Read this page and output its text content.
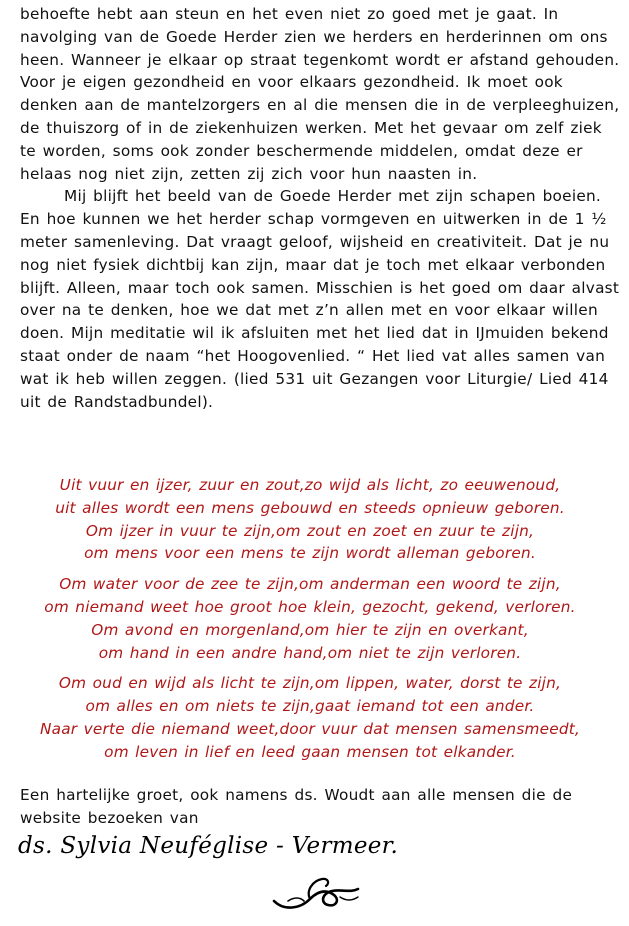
behoefte hebt aan steun en het even niet zo goed met je gaat. In navolging van de Goede Herder zien we herders en herderinnen om ons heen. Wanneer je elkaar op straat tegenkomt wordt er afstand gehouden. Voor je eigen gezondheid en voor elkaars gezondheid. Ik moet ook denken aan de mantelzorgers en al die mensen die in de verpleeghuizen, de thuiszorg of in de ziekenhuizen werken. Met het gevaar om zelf ziek te worden, soms ook zonder beschermende middelen, omdat deze er helaas nog niet zijn, zetten zij zich voor hun naasten in.

Mij blijft het beeld van de Goede Herder met zijn schapen boeien. En hoe kunnen we het herder schap vormgeven en uitwerken in de 1 ½ meter samenleving. Dat vraagt geloof, wijsheid en creativiteit. Dat je nu nog niet fysiek dichtbij kan zijn, maar dat je toch met elkaar verbonden blijft. Alleen, maar toch ook samen. Misschien is het goed om daar alvast over na te denken, hoe we dat met z’n allen met en voor elkaar willen doen. Mijn meditatie wil ik afsluiten met het lied dat in IJmuiden bekend staat onder de naam “het Hoogovenlied. “ Het lied vat alles samen van wat ik heb willen zeggen. (lied 531 uit Gezangen voor Liturgie/ Lied 414 uit de Randstadbundel).

Uit vuur en ijzer, zuur en zout,zo wijd als licht, zo eeuwenoud,
uit alles wordt een mens gebouwd en steeds opnieuw geboren.
Om ijzer in vuur te zijn,om zout en zoet en zuur te zijn,
om mens voor een mens te zijn wordt alleman geboren.
Om water voor de zee te zijn,om anderman een woord te zijn,
om niemand weet hoe groot hoe klein, gezocht, gekend, verloren.
Om avond en morgenland,om hier te zijn en overkant,
om hand in een andre hand,om niet te zijn verloren.
Om oud en wijd als licht te zijn,om lippen, water, dorst te zijn,
om alles en om niets te zijn,gaat iemand tot een ander.
Naar verte die niemand weet,door vuur dat mensen samensmeedt,
om leven in lief en leed gaan mensen tot elkander.

Een hartelijke groet, ook namens ds. Woudt aan alle mensen die de website bezoeken van

ds. Sylvia Neuféglise - Vermeer.
